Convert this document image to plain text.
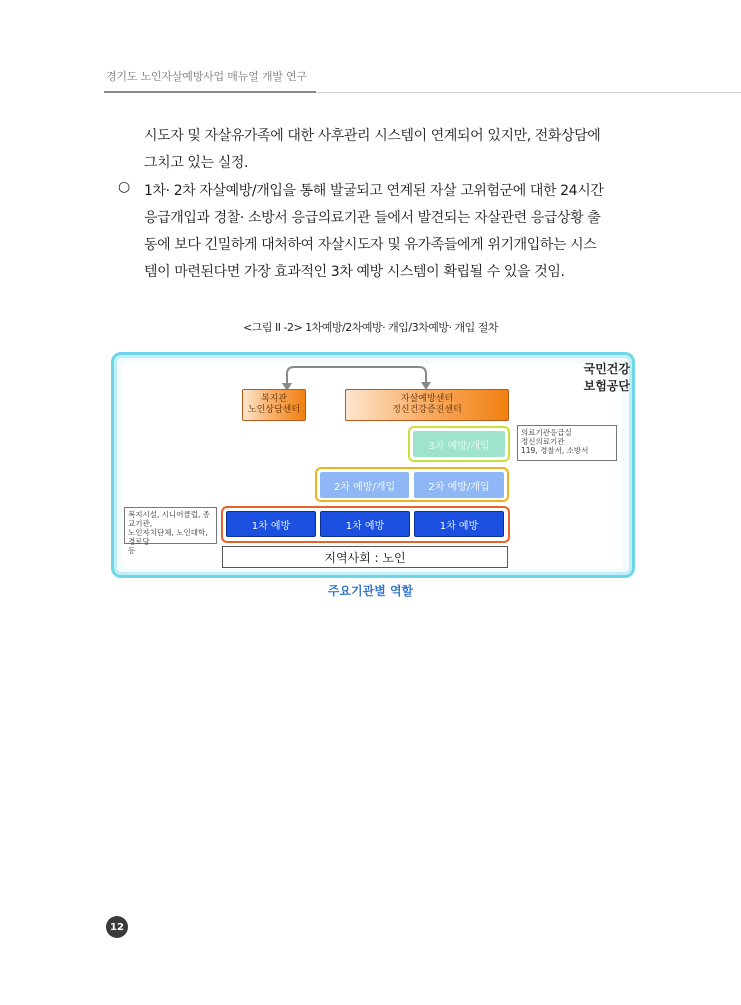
경기도 노인자살예방사업 매뉴얼 개발 연구
시도자 및 자살유가족에 대한 사후관리 시스템이 연계되어 있지만, 전화상담에
그치고 있는 실정.
○ 1차· 2차 자살예방/개입을 통해 발굴되고 연계된 자살 고위험군에 대한 24시간
응급개입과 경찰· 소방서 응급의료기관 들에서 발견되는 자살관련 응급상황 출
동에 보다 긴밀하게 대처하여 자살시도자 및 유가족들에게 위기개입하는 시스
템이 마련된다면 가장 효과적인 3차 예방 시스템이 확립될 수 있을 것임.
<그림 II -2> 1차예방/2차예방· 개입/3차예방· 개입 절차
국민건강
보험공단
복지관
노인상담센터
자살예방센터
정신건강증진센터
3차 예방/개입
의료기관응급실
정신의료기관
119, 경찰서, 소방서
2차 예방/개입	2차 예방/개입
복지시설, 시니어클럽, 종교기관,
노인자치단체, 노인대학, 경로당
등
1차 예방	1차 예방	1차 예방
지역사회 : 노인
주요기관별 역할
12
